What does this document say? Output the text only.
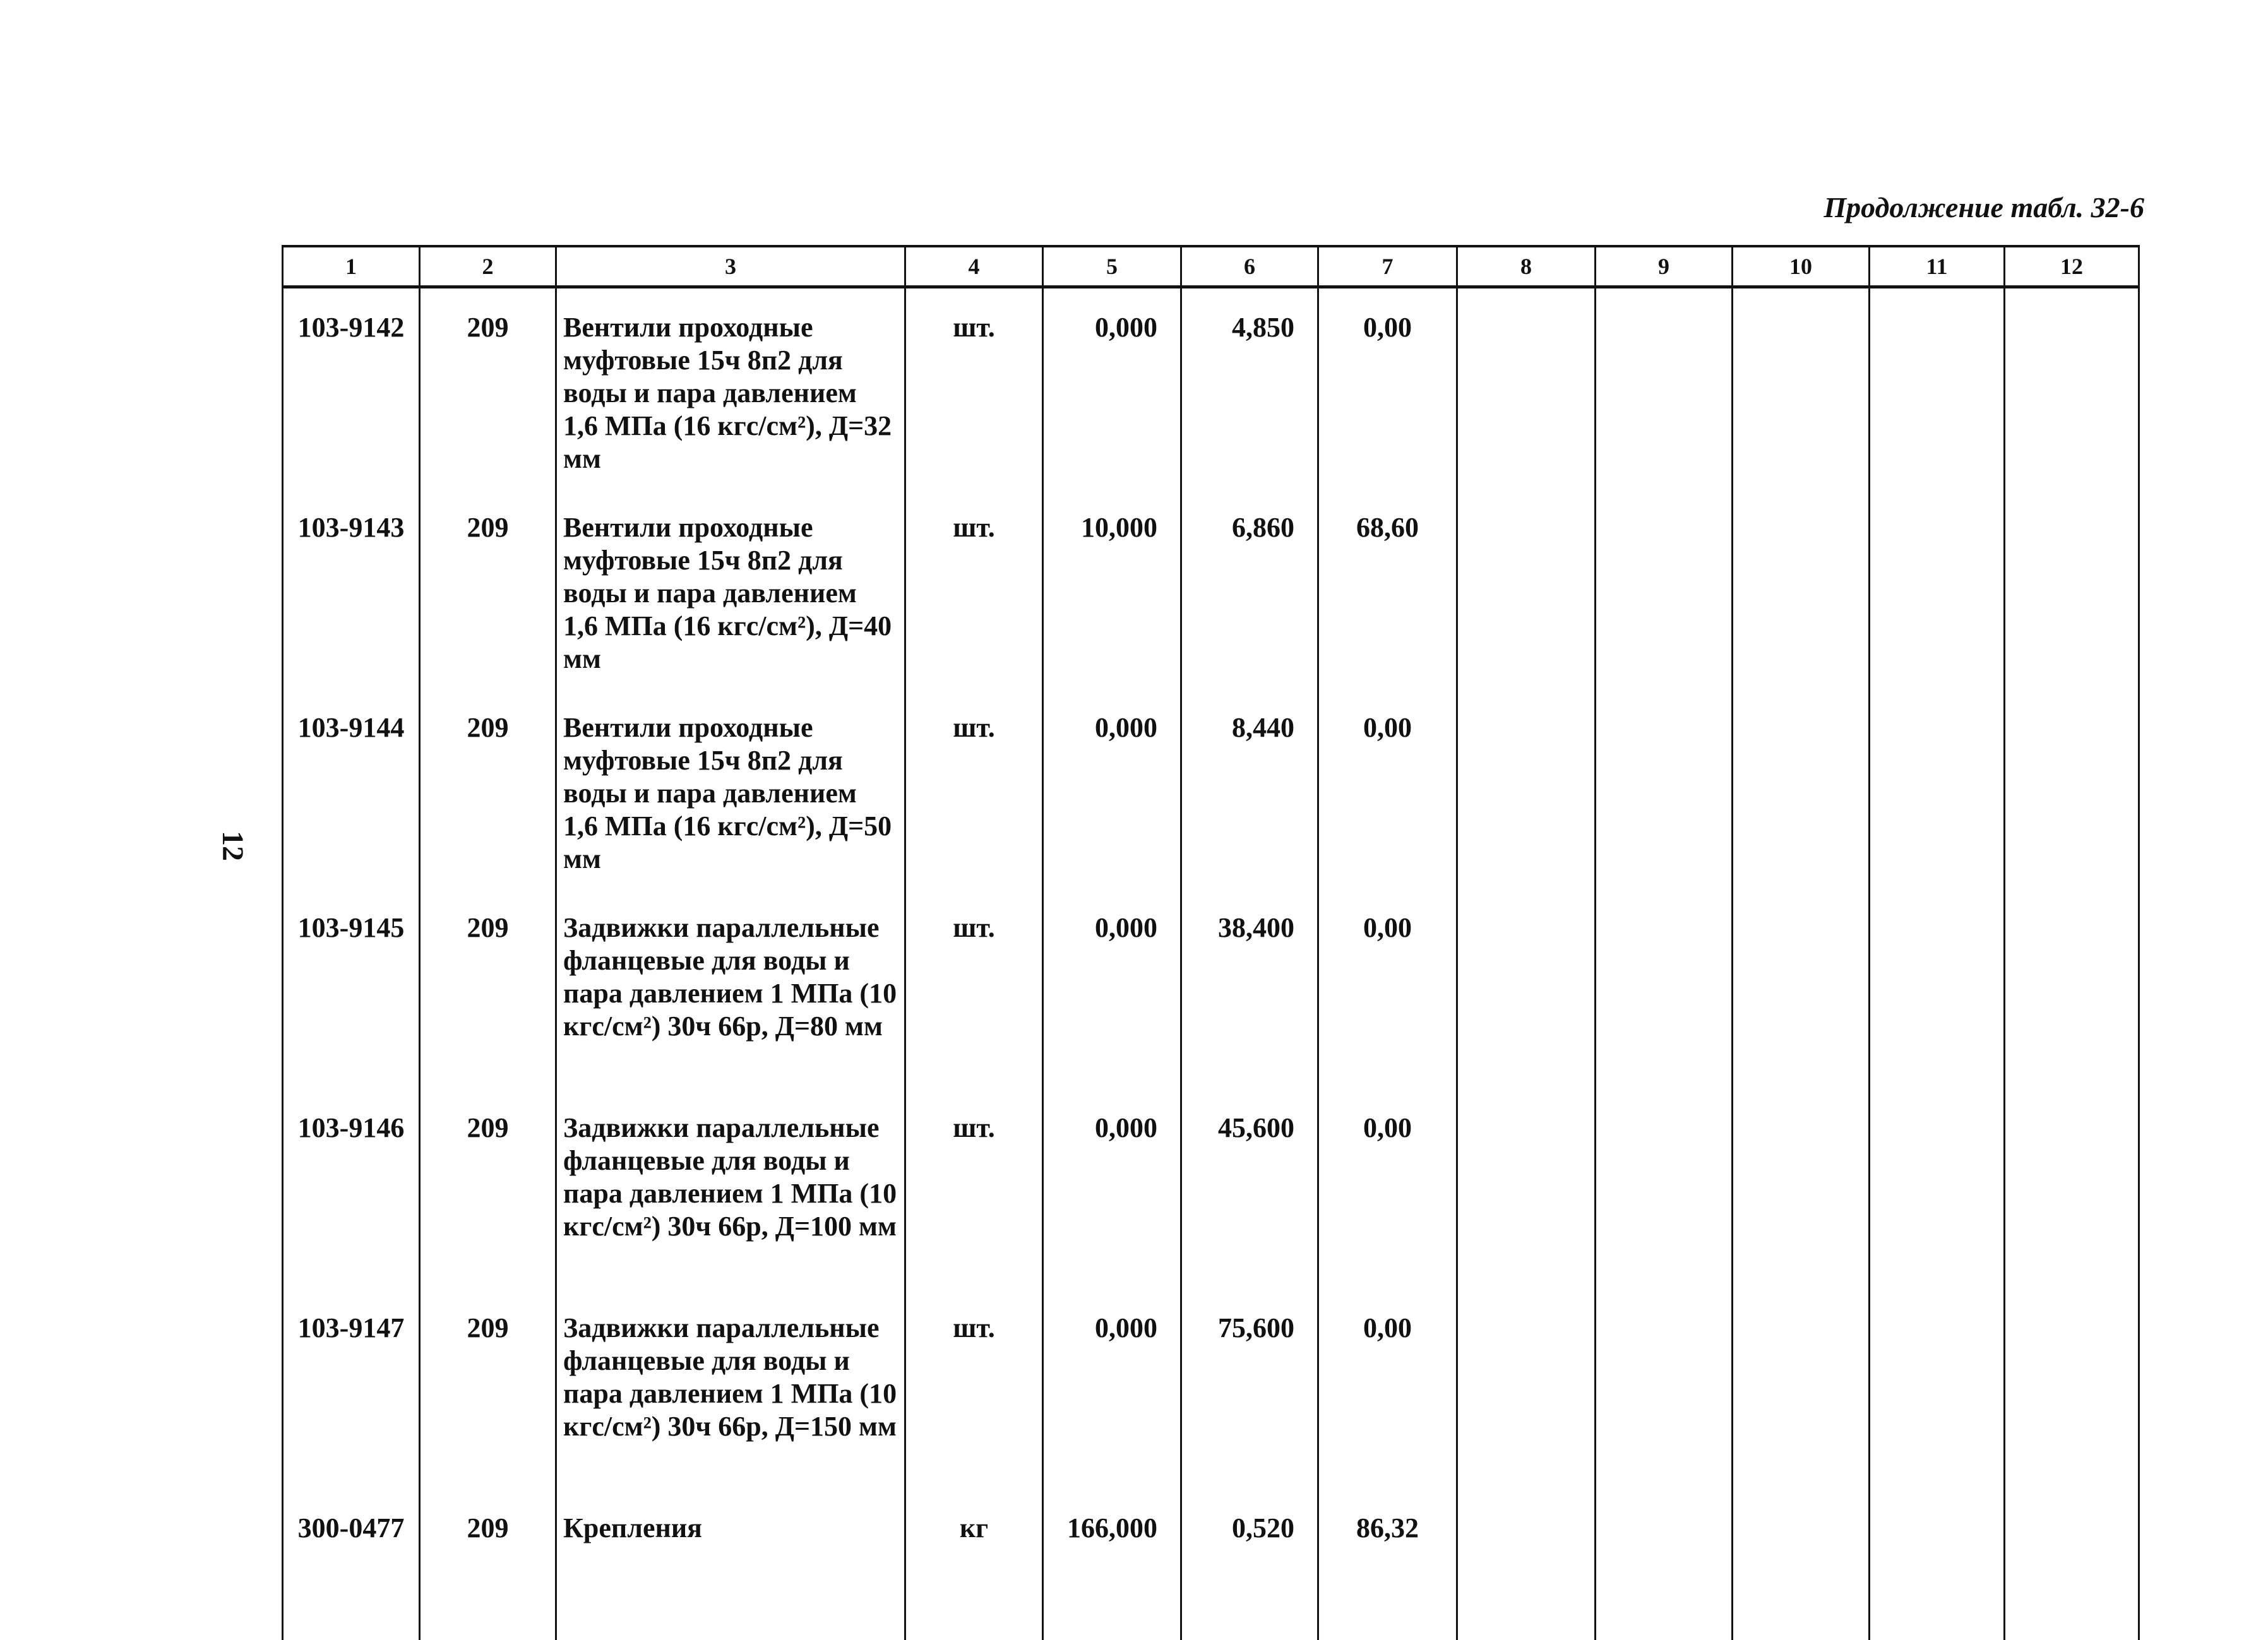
12
Продолжение табл. 32-6
1	2	3	4	5	6	7	8	9	10	11	12
103-9142	209	Вентили проходные муфтовые 15ч 8п2 для воды и пара давлением 1,6 МПа (16 кгс/см²), Д=32 мм	шт.	0,000	4,850	0,00					
103-9143	209	Вентили проходные муфтовые 15ч 8п2 для воды и пара давлением 1,6 МПа (16 кгс/см²), Д=40 мм	шт.	10,000	6,860	68,60					
103-9144	209	Вентили проходные муфтовые 15ч 8п2 для воды и пара давлением 1,6 МПа (16 кгс/см²), Д=50 мм	шт.	0,000	8,440	0,00					
103-9145	209	Задвижки параллельные фланцевые для воды и пара давлением 1 МПа (10 кгс/см²) 30ч 66р, Д=80 мм	шт.	0,000	38,400	0,00					
103-9146	209	Задвижки параллельные фланцевые для воды и пара давлением 1 МПа (10 кгс/см²) 30ч 66р, Д=100 мм	шт.	0,000	45,600	0,00					
103-9147	209	Задвижки параллельные фланцевые для воды и пара давлением 1 МПа (10 кгс/см²) 30ч 66р, Д=150 мм	шт.	0,000	75,600	0,00					
300-0477	209	Крепления	кг	166,000	0,520	86,32					
